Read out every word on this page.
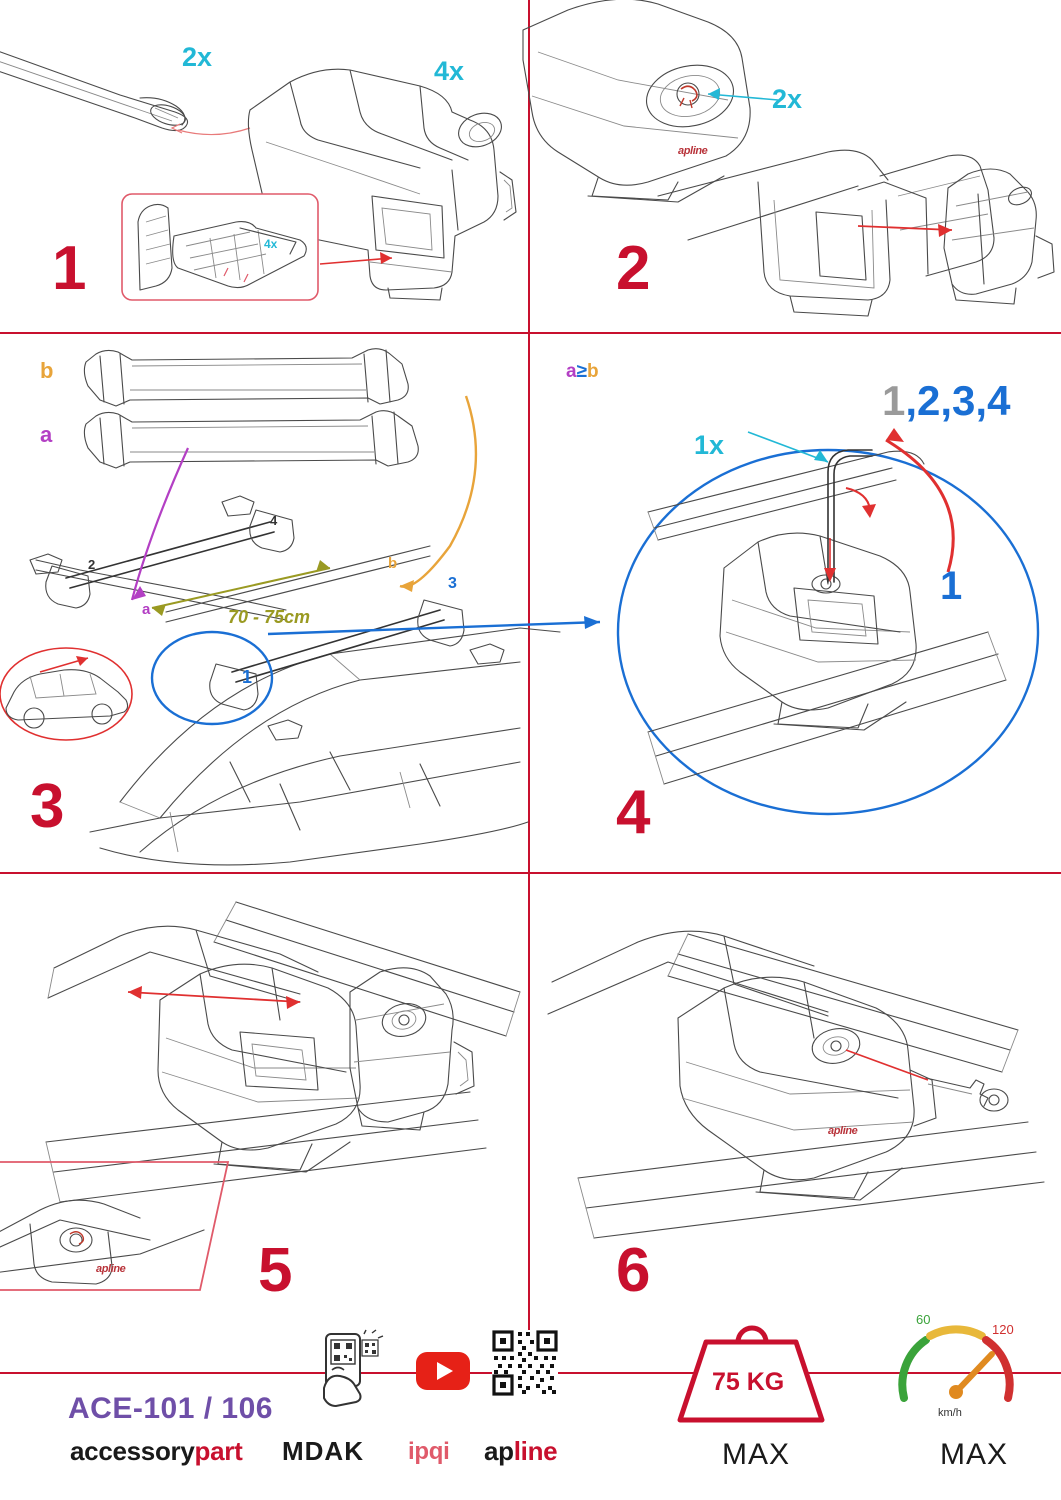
4x
2x	4x
1
apline
2x
2
b
a
a
b
70 - 75cm
1
2
3
4
3
1x
1,2,3,4
1
a≥b
4
apline 5
apline
6
ACE-101 / 106
accessorypart MDAK ipqi apline
75 KG
MAX
60
120
km/h
MAX
